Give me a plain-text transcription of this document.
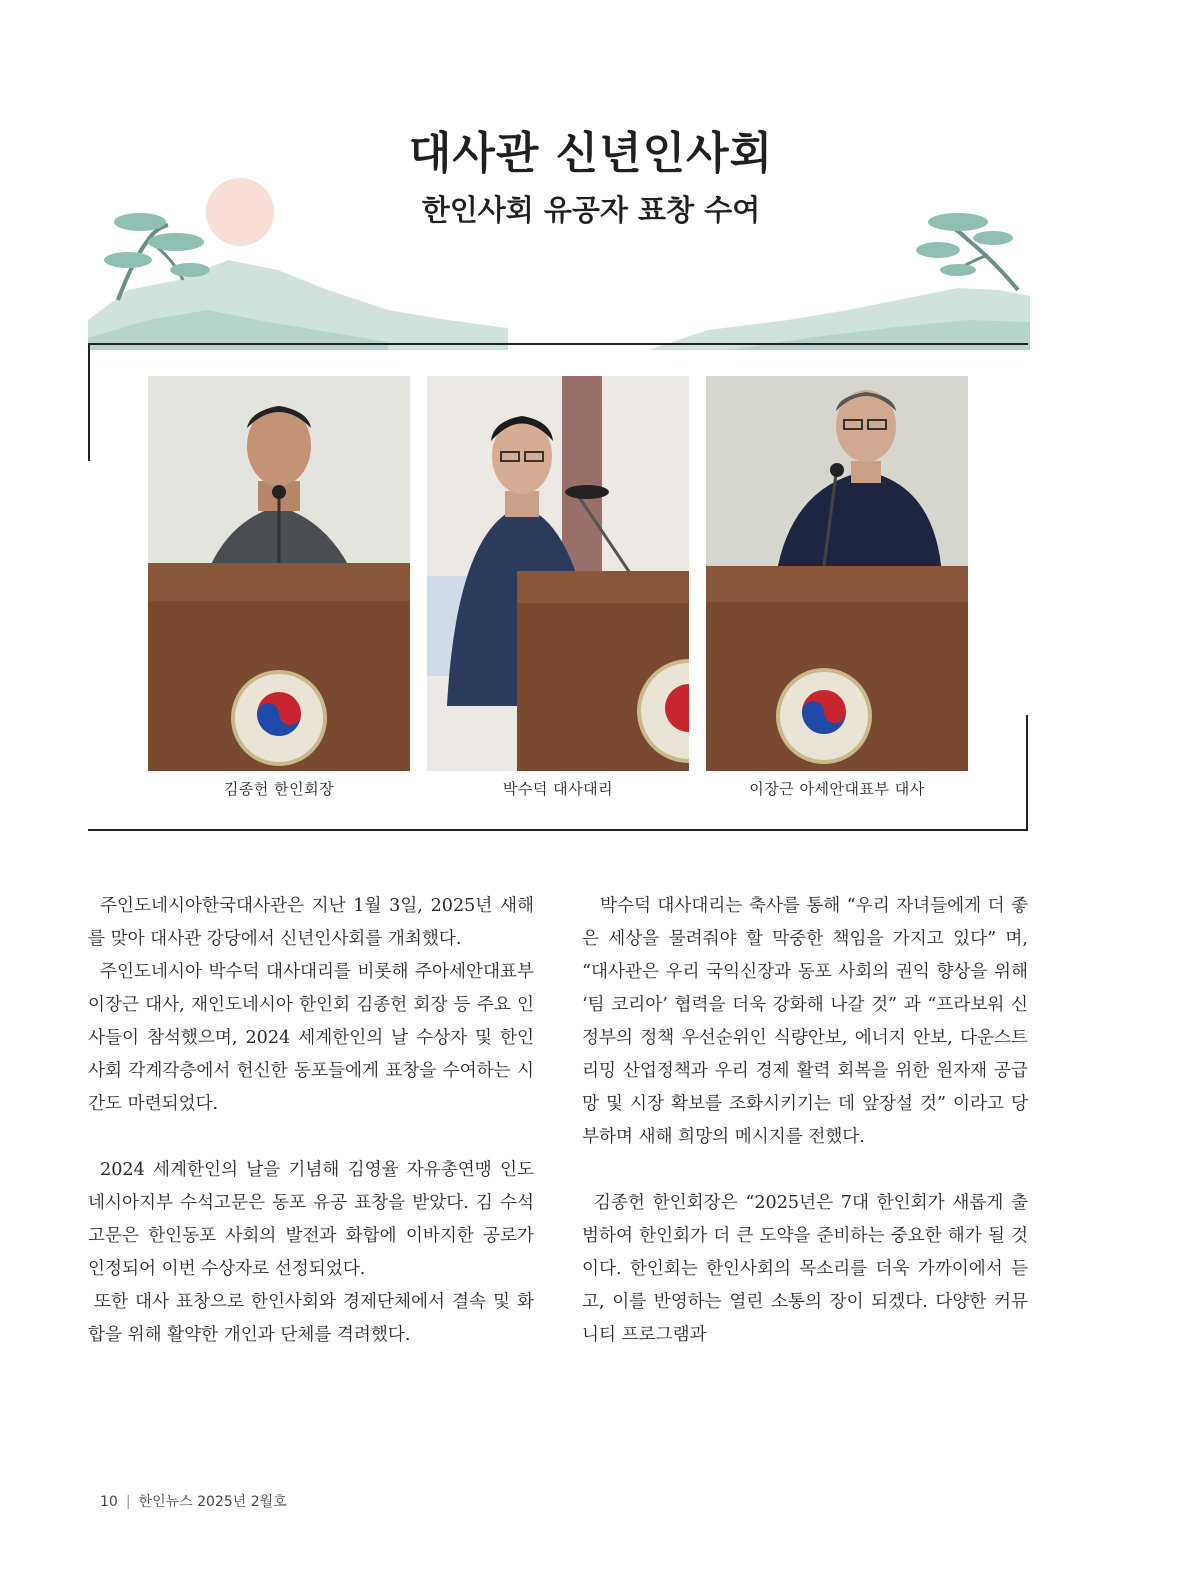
대사관 신년인사회
한인사회 유공자 표창 수여
김종헌 한인회장	박수덕 대사대리	이장근 아세안대표부 대사

주인도네시아한국대사관은 지난 1월 3일, 2025년 새해를 맞아 대사관 강당에서 신년인사회를 개최했다.

주인도네시아 박수덕 대사대리를 비롯해 주아세안대표부 이장근 대사, 재인도네시아 한인회 김종헌 회장 등 주요 인사들이 참석했으며, 2024 세계한인의 날 수상자 및 한인사회 각계각층에서 헌신한 동포들에게 표창을 수여하는 시간도 마련되었다.

2024 세계한인의 날을 기념해 김영율 자유총연맹 인도네시아지부 수석고문은 동포 유공 표창을 받았다. 김 수석고문은 한인동포 사회의 발전과 화합에 이바지한 공로가 인정되어 이번 수상자로 선정되었다.

또한 대사 표창으로 한인사회와 경제단체에서 결속 및 화합을 위해 활약한 개인과 단체를 격려했다.

박수덕 대사대리는 축사를 통해 “우리 자녀들에게 더 좋은 세상을 물려줘야 할 막중한 책임을 가지고 있다” 며, “대사관은 우리 국익신장과 동포 사회의 권익 향상을 위해 ‘팀 코리아’ 협력을 더욱 강화해 나갈 것” 과 “프라보워 신정부의 정책 우선순위인 식량안보, 에너지 안보, 다운스트리밍 산업정책과 우리 경제 활력 회복을 위한 원자재 공급망 및 시장 확보를 조화시키기는 데 앞장설 것” 이라고 당부하며 새해 희망의 메시지를 전했다.

김종헌 한인회장은 “2025년은 7대 한인회가 새롭게 출범하여 한인회가 더 큰 도약을 준비하는 중요한 해가 될 것이다. 한인회는 한인사회의 목소리를 더욱 가까이에서 듣고, 이를 반영하는 열린 소통의 장이 되겠다. 다양한 커뮤니티 프로그램과

10 | 한인뉴스 2025년 2월호
